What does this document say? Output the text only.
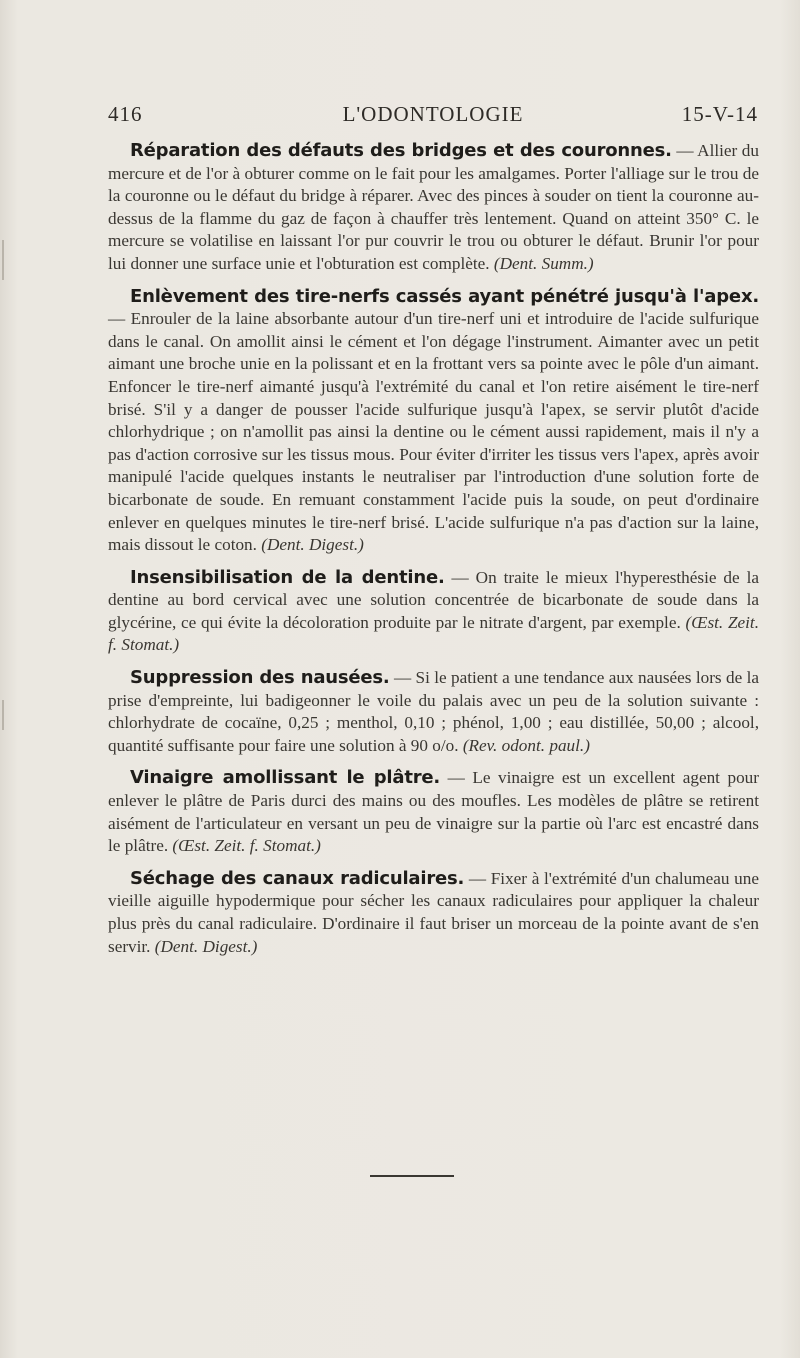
416	L'ODONTOLOGIE	15-V-14

Réparation des défauts des bridges et des couronnes. — Allier du mercure et de l'or à obturer comme on le fait pour les amalgames. Porter l'alliage sur le trou de la couronne ou le défaut du bridge à réparer. Avec des pinces à souder on tient la couronne au-dessus de la flamme du gaz de façon à chauffer très lentement. Quand on atteint 350° C. le mercure se volatilise en laissant l'or pur couvrir le trou ou obturer le défaut. Brunir l'or pour lui donner une surface unie et l'obturation est complète. (Dent. Summ.)

Enlèvement des tire-nerfs cassés ayant pénétré jusqu'à l'apex. — Enrouler de la laine absorbante autour d'un tire-nerf uni et introduire de l'acide sulfurique dans le canal. On amollit ainsi le cément et l'on dégage l'instrument. Aimanter avec un petit aimant une broche unie en la polissant et en la frottant vers sa pointe avec le pôle d'un aimant. Enfoncer le tire-nerf aimanté jusqu'à l'extrémité du canal et l'on retire aisément le tire-nerf brisé. S'il y a danger de pousser l'acide sulfurique jusqu'à l'apex, se servir plutôt d'acide chlorhydrique ; on n'amollit pas ainsi la dentine ou le cément aussi rapidement, mais il n'y a pas d'action corrosive sur les tissus mous. Pour éviter d'irriter les tissus vers l'apex, après avoir manipulé l'acide quelques instants le neutraliser par l'introduction d'une solution forte de bicarbonate de soude. En remuant constamment l'acide puis la soude, on peut d'ordinaire enlever en quelques minutes le tire-nerf brisé. L'acide sulfurique n'a pas d'action sur la laine, mais dissout le coton. (Dent. Digest.)

Insensibilisation de la dentine. — On traite le mieux l'hyperesthésie de la dentine au bord cervical avec une solution concentrée de bicarbonate de soude dans la glycérine, ce qui évite la décoloration produite par le nitrate d'argent, par exemple. (Œst. Zeit. f. Stomat.)

Suppression des nausées. — Si le patient a une tendance aux nausées lors de la prise d'empreinte, lui badigeonner le voile du palais avec un peu de la solution suivante : chlorhydrate de cocaïne, 0,25 ; menthol, 0,10 ; phénol, 1,00 ; eau distillée, 50,00 ; alcool, quantité suffisante pour faire une solution à 90 o/o. (Rev. odont. paul.)

Vinaigre amollissant le plâtre. — Le vinaigre est un excellent agent pour enlever le plâtre de Paris durci des mains ou des moufles. Les modèles de plâtre se retirent aisément de l'articulateur en versant un peu de vinaigre sur la partie où l'arc est encastré dans le plâtre. (Œst. Zeit. f. Stomat.)

Séchage des canaux radiculaires. — Fixer à l'extrémité d'un chalumeau une vieille aiguille hypodermique pour sécher les canaux radiculaires pour appliquer la chaleur plus près du canal radiculaire. D'ordinaire il faut briser un morceau de la pointe avant de s'en servir. (Dent. Digest.)
